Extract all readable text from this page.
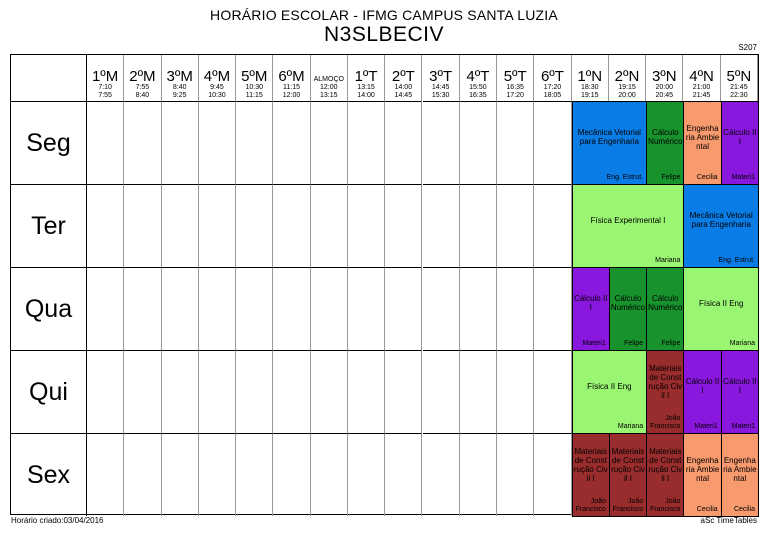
HORÁRIO ESCOLAR - IFMG CAMPUS SANTA LUZIA
N3SLBECIV
S207
1ºM
7:10
7:55
2ºM
7:55
8:40
3ºM
8:40
9:25
4ºM
9:45
10:30
5ºM
10:30
11:15
6ºM
11:15
12:00
ALMOÇO
12:00
13:15
1ºT
13:15
14:00
2ºT
14:00
14:45
3ºT
14:45
15:30
4ºT
15:50
16:35
5ºT
16:35
17:20
6ºT
17:20
18:05
1ºN
18:30
19:15
2ºN
19:15
20:00
3ºN
20:00
20:45
4ºN
21:00
21:45
5ºN
21:45
22:30
Seg
Ter
Qua
Qui
Sex
Mecânica Vetorial para Engenharia
Eng. Estrut.
Cálculo Numérico
Felipe
Engenharia Ambiental
Cecilia
Cálculo III
Materi1
Física Experimental I
Mariana
Mecânica Vetorial para Engenharia
Eng. Estrut.
Cálculo III
Materi1
Cálculo Numérico
Felipe
Cálculo Numérico
Felipe
Física II Eng
Mariana
Física II Eng
Mariana
Materiais de Construção Civil I
João Francisco
Cálculo III
Materi1
Cálculo III
Materi1
Materiais de Construção Civil I
João Francisco
Materiais de Construção Civil I
João Francisco
Materiais de Construção Civil I
João Francisco
Engenharia Ambiental
Cecilia
Engenharia Ambiental
Cecilia
Horário criado:03/04/2016	aSc TimeTables
